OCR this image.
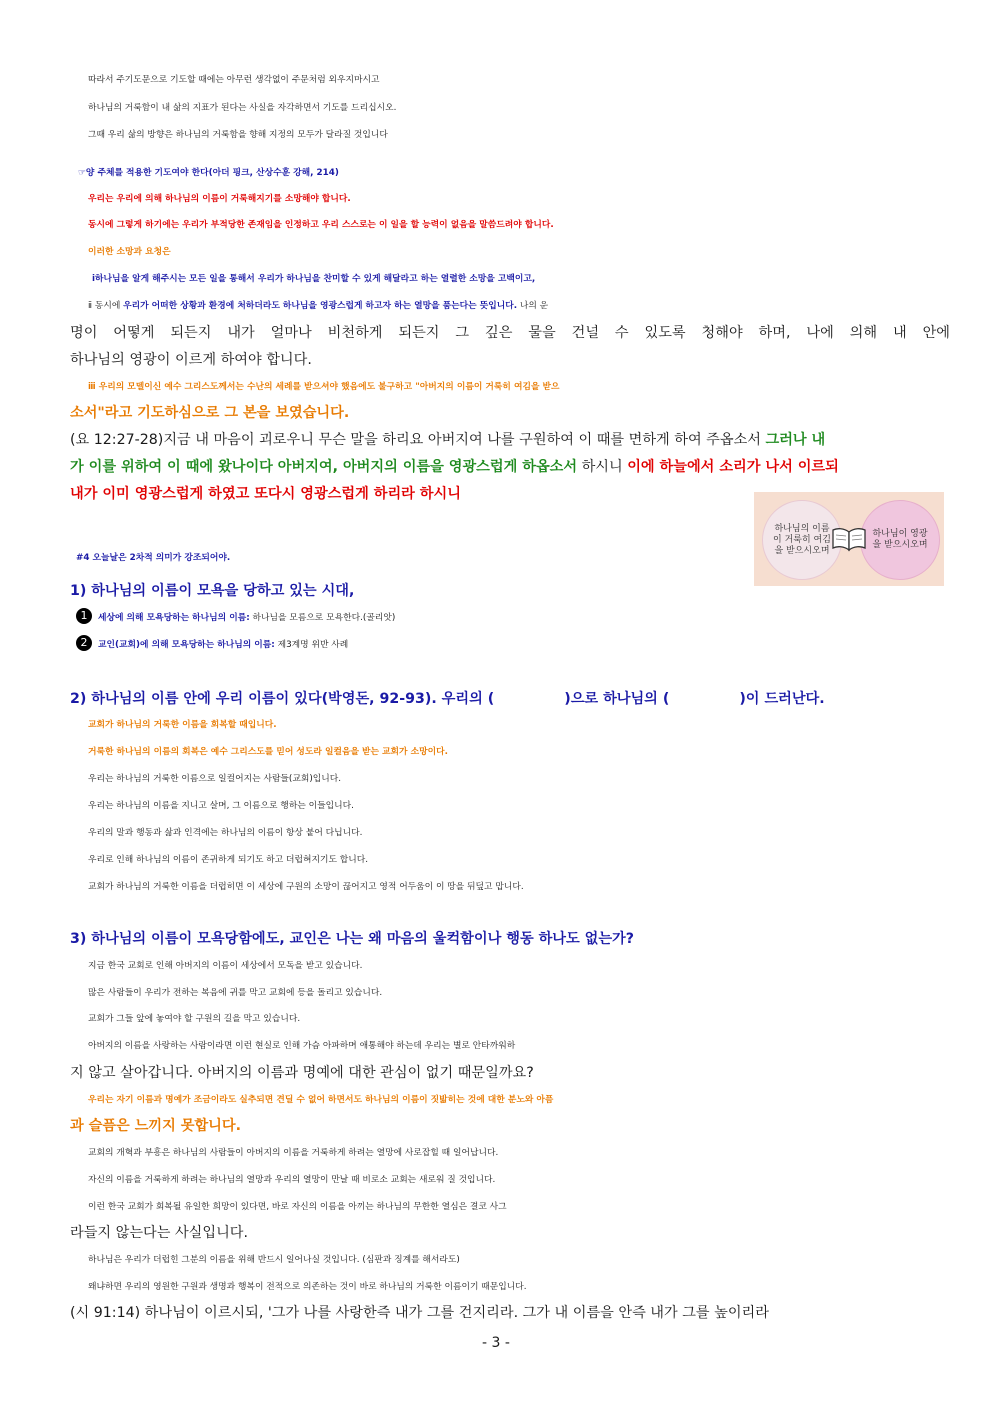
따라서 주기도문으로 기도할 때에는 아무런 생각없이 주문처럼 외우지마시고
하나님의 거룩함이 내 삶의 지표가 된다는 사실을 자각하면서 기도를 드리십시오.
그때 우리 삶의 방향은 하나님의 거룩함을 향해 지정의 모두가 달라질 것입니다
☞양 주체를 적용한 기도여야 한다(아더 핑크, 산상수훈 강해, 214)
우리는 우리에 의해 하나님의 이름이 거룩해지기를 소망해야 합니다.
동시에 그렇게 하기에는 우리가 부적당한 존재임을 인정하고 우리 스스로는 이 일을 할 능력이 없음을 말씀드려야 합니다.
이러한 소망과 요청은
ⅰ하나님을 알게 해주시는 모든 일을 통해서 우리가 하나님을 찬미할 수 있게 해달라고 하는 열렬한 소망을 고백이고,
ⅱ 동시에 우리가 어떠한 상황과 환경에 처하더라도 하나님을 영광스럽게 하고자 하는 열망을 품는다는 뜻입니다. 나의 운
명이 어떻게 되든지 내가 얼마나 비천하게 되든지 그 깊은 물을 건널 수 있도록 청해야 하며, 나에 의해 내 안에
하나님의 영광이 이르게 하여야 합니다.
ⅲ 우리의 모델이신 예수 그리스도께서는 수난의 세례를 받으셔야 했음에도 불구하고 "아버지의 이름이 거룩히 여김을 받으
소서"라고 기도하심으로 그 본을 보였습니다.
(요 12:27-28)지금 내 마음이 괴로우니 무슨 말을 하리요 아버지여 나를 구원하여 이 때를 면하게 하여 주옵소서 그러나 내
가 이를 위하여 이 때에 왔나이다 아버지여, 아버지의 이름을 영광스럽게 하옵소서 하시니 이에 하늘에서 소리가 나서 이르되
내가 이미 영광스럽게 하였고 또다시 영광스럽게 하리라 하시니
하나님의 이름이 거룩히 여김을 받으시오며
하나님이 영광을 받으시오며
#4 오늘날은 2차적 의미가 강조되어야.
1) 하나님의 이름이 모욕을 당하고 있는 시대,
1 세상에 의해 모욕당하는 하나님의 이름: 하나님을 모름으로 모욕한다.(골리앗)
2 교인(교회)에 의해 모욕당하는 하나님의 이름: 제3계명 위반 사례
2) 하나님의 이름 안에 우리 이름이 있다(박영돈, 92-93). 우리의 (	)으로 하나님의 (	)이 드러난다.
교회가 하나님의 거룩한 이름을 회복할 때입니다.
거룩한 하나님의 이름의 회복은 예수 그리스도를 믿어 성도라 일컬음을 받는 교회가 소망이다.
우리는 하나님의 거룩한 이름으로 일컬어지는 사람들(교회)입니다.
우리는 하나님의 이름을 지니고 살며, 그 이름으로 행하는 이들입니다.
우리의 말과 행동과 삶과 인격에는 하나님의 이름이 항상 붙어 다닙니다.
우리로 인해 하나님의 이름이 존귀하게 되기도 하고 더럽혀지기도 합니다.
교회가 하나님의 거룩한 이름을 더럽히면 이 세상에 구원의 소망이 끊어지고 영적 어두움이 이 땅을 뒤덮고 맙니다.
3) 하나님의 이름이 모욕당함에도, 교인은 나는 왜 마음의 울컥함이나 행동 하나도 없는가?
지금 한국 교회로 인해 아버지의 이름이 세상에서 모독을 받고 있습니다.
많은 사람들이 우리가 전하는 복음에 귀를 막고 교회에 등을 돌리고 있습니다.
교회가 그들 앞에 놓여야 할 구원의 길을 막고 있습니다.
아버지의 이름을 사랑하는 사람이라면 이런 현실로 인해 가슴 아파하며 애통해야 하는데 우리는 별로 안타까워하
지 않고 살아갑니다. 아버지의 이름과 명예에 대한 관심이 없기 때문일까요?
우리는 자기 이름과 명예가 조금이라도 실추되면 견딜 수 없어 하면서도 하나님의 이름이 짓밟히는 것에 대한 분노와 아픔
과 슬픔은 느끼지 못합니다.
교회의 개혁과 부흥은 하나님의 사람들이 아버지의 이름을 거룩하게 하려는 열망에 사로잡힐 때 일어납니다.
자신의 이름을 거룩하게 하려는 하나님의 열망과 우리의 열망이 만날 때 비로소 교회는 새로워 질 것입니다.
이런 한국 교회가 회복될 유일한 희망이 있다면, 바로 자신의 이름을 아끼는 하나님의 무한한 열심은 결코 사그
라들지 않는다는 사실입니다.
하나님은 우리가 더럽힌 그분의 이름을 위해 반드시 일어나실 것입니다. (심판과 징계를 해서라도)
왜냐하면 우리의 영원한 구원과 생명과 행복이 전적으로 의존하는 것이 바로 하나님의 거룩한 이름이기 때문입니다.
(시 91:14) 하나님이 이르시되, '그가 나를 사랑한즉 내가 그를 건지리라. 그가 내 이름을 안즉 내가 그를 높이리라
- 3 -
